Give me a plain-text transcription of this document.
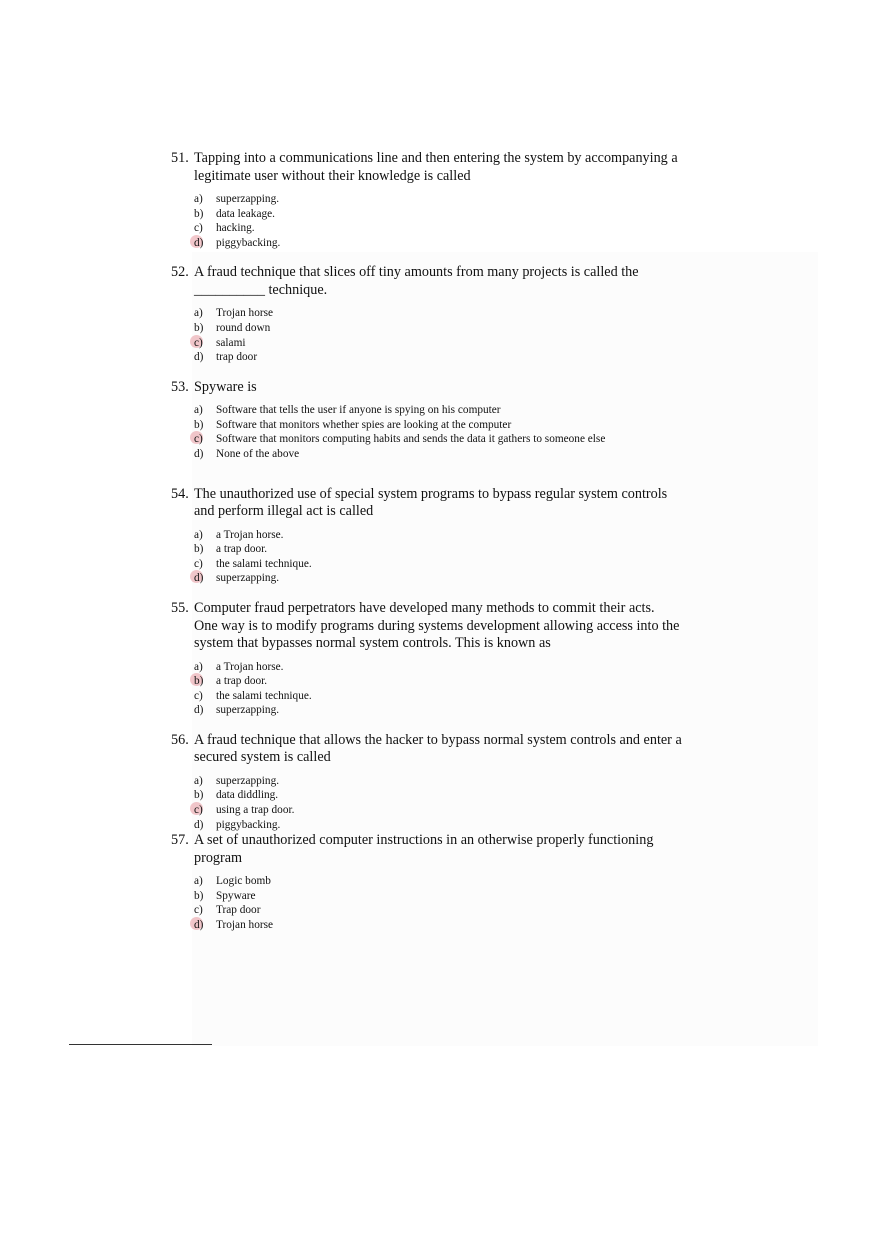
51. Tapping into a communications line and then entering the system by accompanying a
legitimate user without their knowledge is called
a)	superzapping.
b)	data leakage.
c)	hacking.
d)	piggybacking.
52. A fraud technique that slices off tiny amounts from many projects is called the
__________ technique.
a)	Trojan horse
b)	round down
c)	salami
d)	trap door
53. Spyware is
a)	Software that tells the user if anyone is spying on his computer
b)	Software that monitors whether spies are looking at the computer
c)	Software that monitors computing habits and sends the data it gathers to someone else
d)	None of the above
54. The unauthorized use of special system programs to bypass regular system controls
and perform illegal act is called
a)	a Trojan horse.
b)	a trap door.
c)	the salami technique.
d)	superzapping.
55. Computer fraud perpetrators have developed many methods to commit their acts.
One way is to modify programs during systems development allowing access into the
system that bypasses normal system controls. This is known as
a)	a Trojan horse.
b)	a trap door.
c)	the salami technique.
d)	superzapping.
56. A fraud technique that allows the hacker to bypass normal system controls and enter a
secured system is called
a)	superzapping.
b)	data diddling.
c)	using a trap door.
d)	piggybacking.
57. A set of unauthorized computer instructions in an otherwise properly functioning
program
a)	Logic bomb
b)	Spyware
c)	Trap door
d)	Trojan horse
